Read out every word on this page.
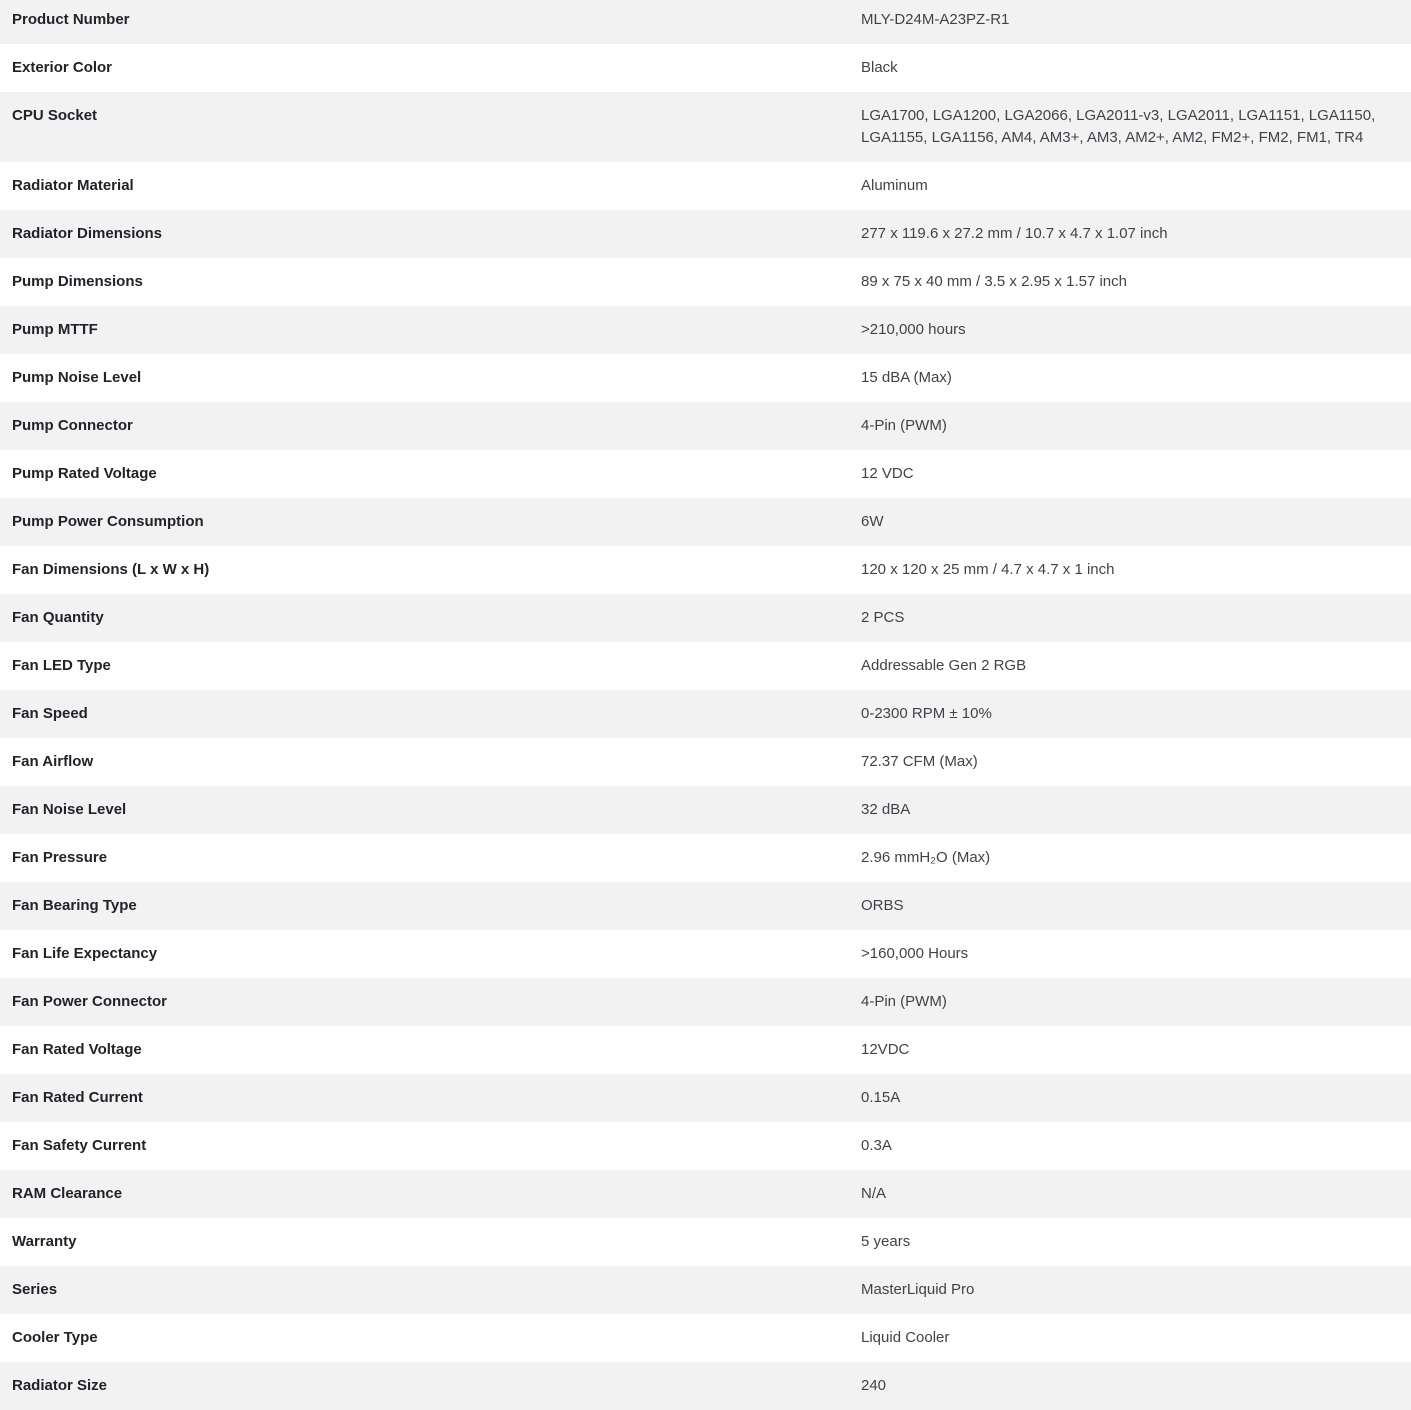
Product Number	MLY-D24M-A23PZ-R1
Exterior Color	Black
CPU Socket	LGA1700, LGA1200, LGA2066, LGA2011-v3, LGA2011, LGA1151, LGA1150, LGA1155, LGA1156, AM4, AM3+, AM3, AM2+, AM2, FM2+, FM2, FM1, TR4
Radiator Material	Aluminum
Radiator Dimensions	277 x 119.6 x 27.2 mm / 10.7 x 4.7 x 1.07 inch
Pump Dimensions	89 x 75 x 40 mm / 3.5 x 2.95 x 1.57 inch
Pump MTTF	>210,000 hours
Pump Noise Level	15 dBA (Max)
Pump Connector	4-Pin (PWM)
Pump Rated Voltage	12 VDC
Pump Power Consumption	6W
Fan Dimensions (L x W x H)	120 x 120 x 25 mm / 4.7 x 4.7 x 1 inch
Fan Quantity	2 PCS
Fan LED Type	Addressable Gen 2 RGB
Fan Speed	0-2300 RPM ± 10%
Fan Airflow	72.37 CFM (Max)
Fan Noise Level	32 dBA
Fan Pressure	2.96 mmH₂O (Max)
Fan Bearing Type	ORBS
Fan Life Expectancy	>160,000 Hours
Fan Power Connector	4-Pin (PWM)
Fan Rated Voltage	12VDC
Fan Rated Current	0.15A
Fan Safety Current	0.3A
RAM Clearance	N/A
Warranty	5 years
Series	MasterLiquid Pro
Cooler Type	Liquid Cooler
Radiator Size	240
